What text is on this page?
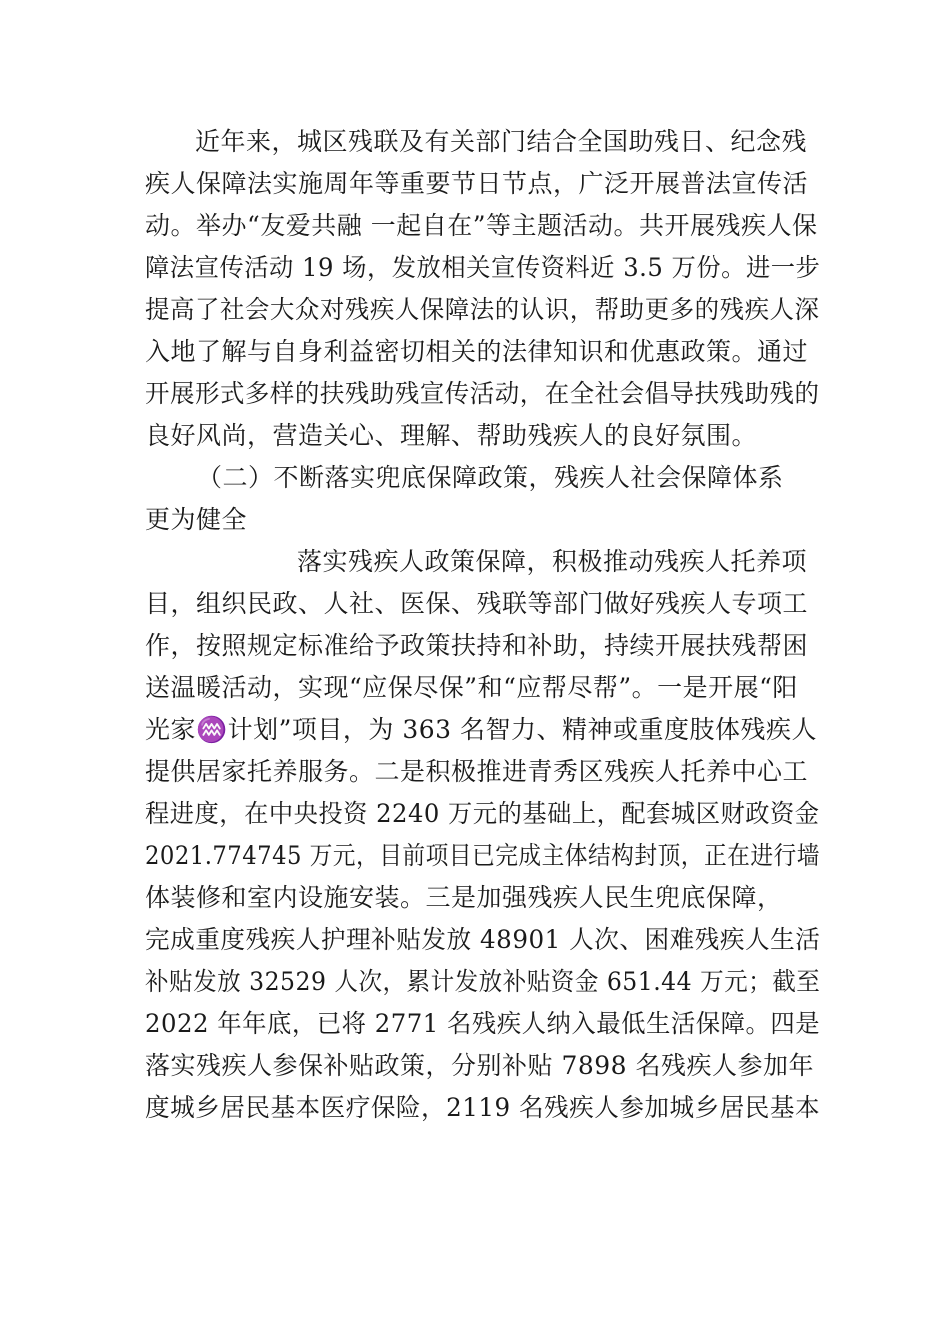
近年来，城区残联及有关部门结合全国助残日、纪念残
疾人保障法实施周年等重要节日节点，广泛开展普法宣传活
动。举办“友爱共融 一起自在”等主题活动。共开展残疾人保
障法宣传活动 19 场，发放相关宣传资料近 3.5 万份。进一步
提高了社会大众对残疾人保障法的认识，帮助更多的残疾人深
入地了解与自身利益密切相关的法律知识和优惠政策。通过
开展形式多样的扶残助残宣传活动，在全社会倡导扶残助残的
良好风尚，营造关心、理解、帮助残疾人的良好氛围。
（二）不断落实兜底保障政策，残疾人社会保障体系
更为健全
落实残疾人政策保障，积极推动残疾人托养项
目，组织民政、人社、医保、残联等部门做好残疾人专项工
作，按照规定标准给予政策扶持和补助，持续开展扶残帮困
送温暖活动，实现“应保尽保”和“应帮尽帮”。一是开展“阳
光家♒计划”项目，为 363 名智力、精神或重度肢体残疾人
提供居家托养服务。二是积极推进青秀区残疾人托养中心工
程进度，在中央投资 2240 万元的基础上，配套城区财政资金
2021.774745 万元，目前项目已完成主体结构封顶，正在进行墙
体装修和室内设施安装。三是加强残疾人民生兜底保障，
完成重度残疾人护理补贴发放 48901 人次、困难残疾人生活
补贴发放 32529 人次，累计发放补贴资金 651.44 万元；截至
2022 年年底，已将 2771 名残疾人纳入最低生活保障。四是
落实残疾人参保补贴政策，分别补贴 7898 名残疾人参加年
度城乡居民基本医疗保险，2119 名残疾人参加城乡居民基本
